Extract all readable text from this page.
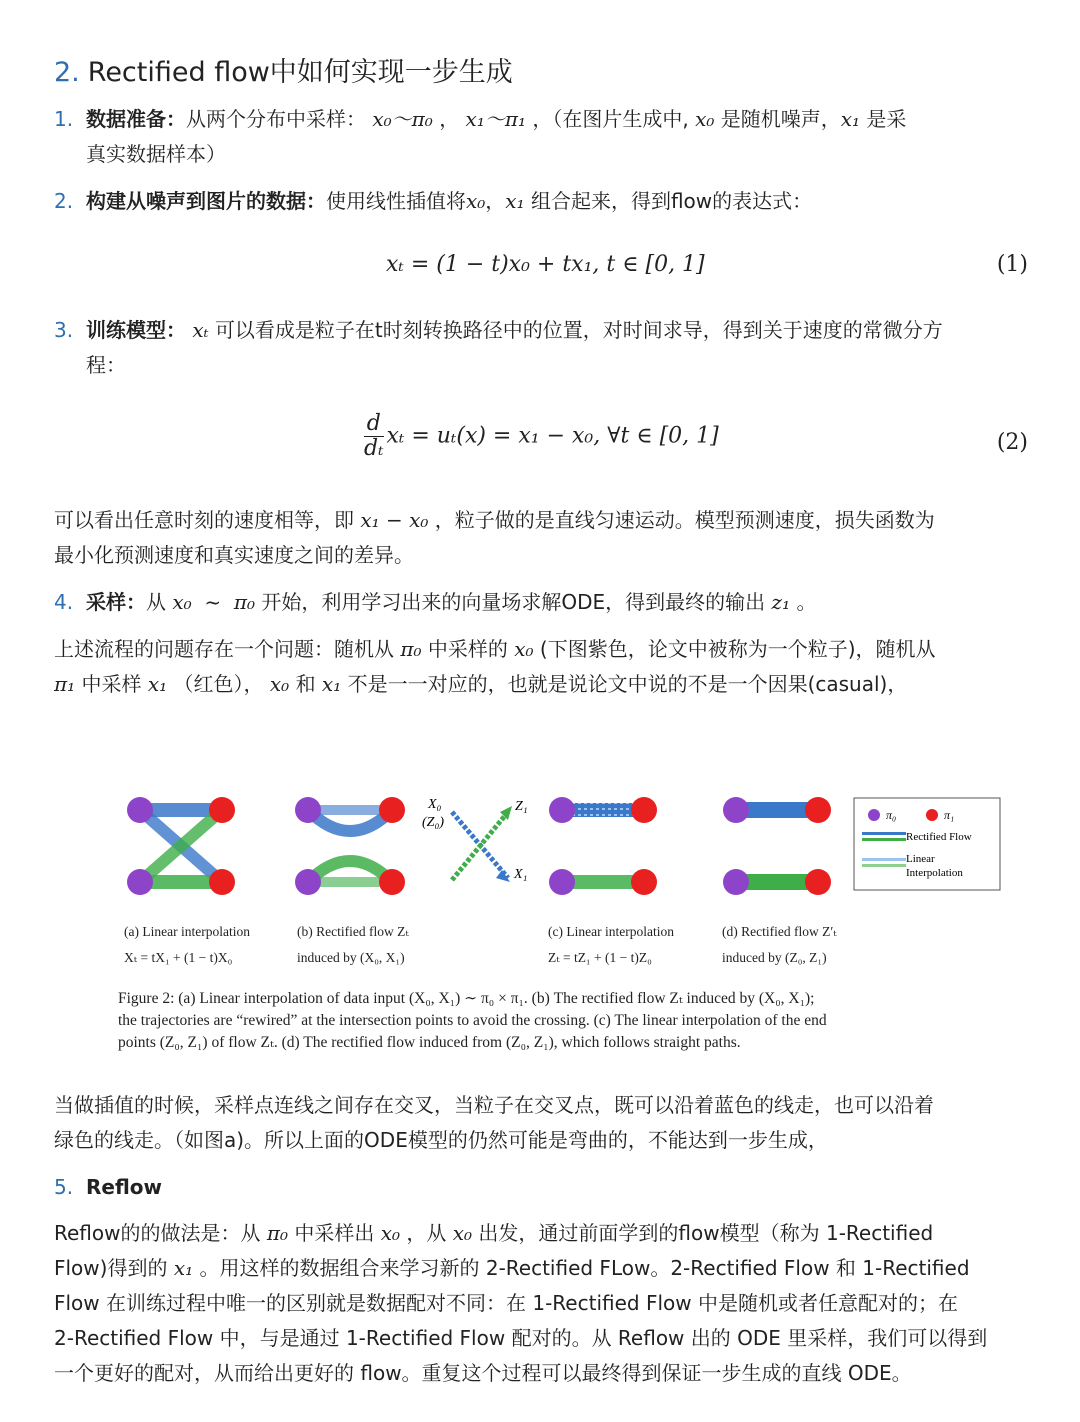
2. Rectified flow中如何实现一步生成
1. 数据准备：从两个分布中采样： x₀〜π₀ ， x₁〜π₁ ，（在图片生成中, x₀ 是随机噪声，x₁ 是采
真实数据样本）
2. 构建从噪声到图片的数据：使用线性插值将x₀，x₁ 组合起来，得到flow的表达式：
xₜ = (1 − t)x₀ + tx₁, t ∈ [0, 1]	(1)
3. 训练模型： xₜ 可以看成是粒子在t时刻转换路径中的位置，对时间求导，得到关于速度的常微分方
程：
$\frac{d}{\text{dₜ}}$ xₜ = uₜ(x) = x₁ − x₀, ∀t ∈ [0, 1]	(2)
可以看出任意时刻的速度相等，即 x₁ − x₀ ，粒子做的是直线匀速运动。模型预测速度，损失函数为
最小化预测速度和真实速度之间的差异。
4. 采样：从 x₀ ~ π₀ 开始，利用学习出来的向量场求解ODE，得到最终的输出 z₁ 。
上述流程的问题存在一个问题：随机从 π₀ 中采样的 x₀ (下图紫色，论文中被称为一个粒子)，随机从
π₁ 中采样 x₁ （红色）， x₀ 和 x₁ 不是一一对应的，也就是说论文中说的不是一个因果(casual)，
X₀
(Z₀)
Z₁
X₁
π₀	π₁
Rectified Flow
Linear
Interpolation
(a) Linear interpolation
Xₜ = tX₁ + (1 − t)X₀
(b) Rectified flow Zₜ
induced by (X₀, X₁)
(c) Linear interpolation
Zₜ = tZ₁ + (1 − t)Z₀
(d) Rectified flow Z′ₜ
induced by (Z₀, Z₁)
Figure 2: (a) Linear interpolation of data input (X₀, X₁) ∼ π₀ × π₁. (b) The rectified flow Zₜ induced by (X₀, X₁);
the trajectories are “rewired” at the intersection points to avoid the crossing. (c) The linear interpolation of the end
points (Z₀, Z₁) of flow Zₜ. (d) The rectified flow induced from (Z₀, Z₁), which follows straight paths.
当做插值的时候，采样点连线之间存在交叉，当粒子在交叉点，既可以沿着蓝色的线走，也可以沿着
绿色的线走。（如图a)。所以上面的ODE模型的仍然可能是弯曲的，不能达到一步生成，
5. Reflow
Reflow的的做法是：从 π₀ 中采样出 x₀ ，从 x₀ 出发，通过前面学到的flow模型（称为 1-Rectified
Flow)得到的 x₁ 。用这样的数据组合来学习新的 2-Rectified FLow。2-Rectified Flow 和 1-Rectified
Flow 在训练过程中唯一的区别就是数据配对不同：在 1-Rectified Flow 中是随机或者任意配对的；在
2-Rectified Flow 中，与是通过 1-Rectified Flow 配对的。从 Reflow 出的 ODE 里采样，我们可以得到
一个更好的配对，从而给出更好的 flow。重复这个过程可以最终得到保证一步生成的直线 ODE。
